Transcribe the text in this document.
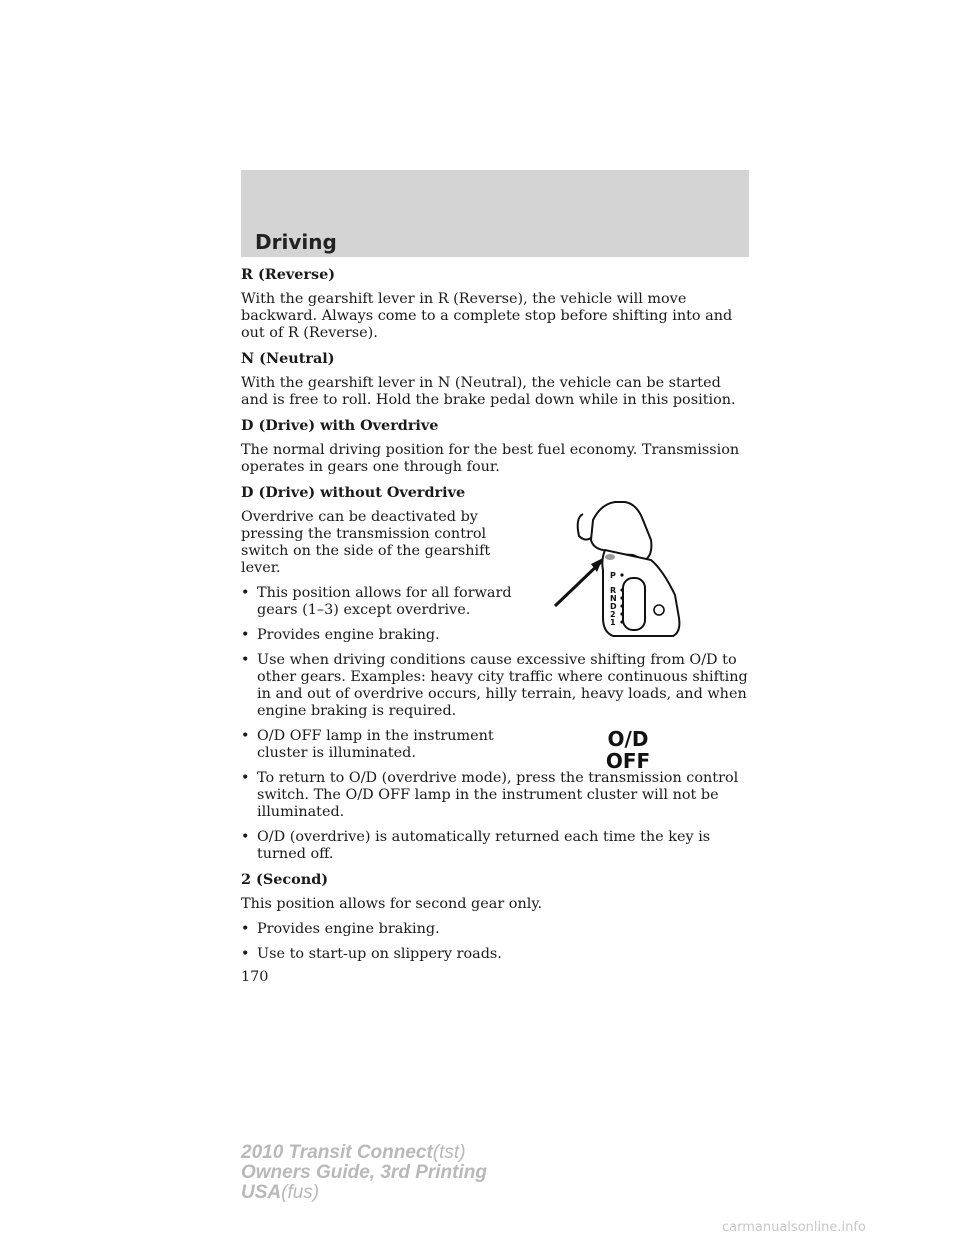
Driving
R (Reverse)

With the gearshift lever in R (Reverse), the vehicle will move backward. Always come to a complete stop before shifting into and out of R (Reverse).

N (Neutral)

With the gearshift lever in N (Neutral), the vehicle can be started and is free to roll. Hold the brake pedal down while in this position.

D (Drive) with Overdrive

The normal driving position for the best fuel economy. Transmission operates in gears one through four.

D (Drive) without Overdrive

Overdrive can be deactivated by pressing the transmission control switch on the side of the gearshift lever.

• This position allows for all forward gears (1–3) except overdrive.
• Provides engine braking.
• Use when driving conditions cause excessive shifting from O/D to other gears. Examples: heavy city traffic where continuous shifting in and out of overdrive occurs, hilly terrain, heavy loads, and when engine braking is required.
• O/D OFF lamp in the instrument cluster is illuminated.
• To return to O/D (overdrive mode), press the transmission control switch. The O/D OFF lamp in the instrument cluster will not be illuminated.
• O/D (overdrive) is automatically returned each time the key is turned off.
2 (Second)

This position allows for second gear only.

• Provides engine braking.
• Use to start-up on slippery roads.
170
P
R
N
D
2
1
O/D
OFF
2010 Transit Connect(tst)
Owners Guide, 3rd Printing
USA(fus)
carmanualsonline.info
